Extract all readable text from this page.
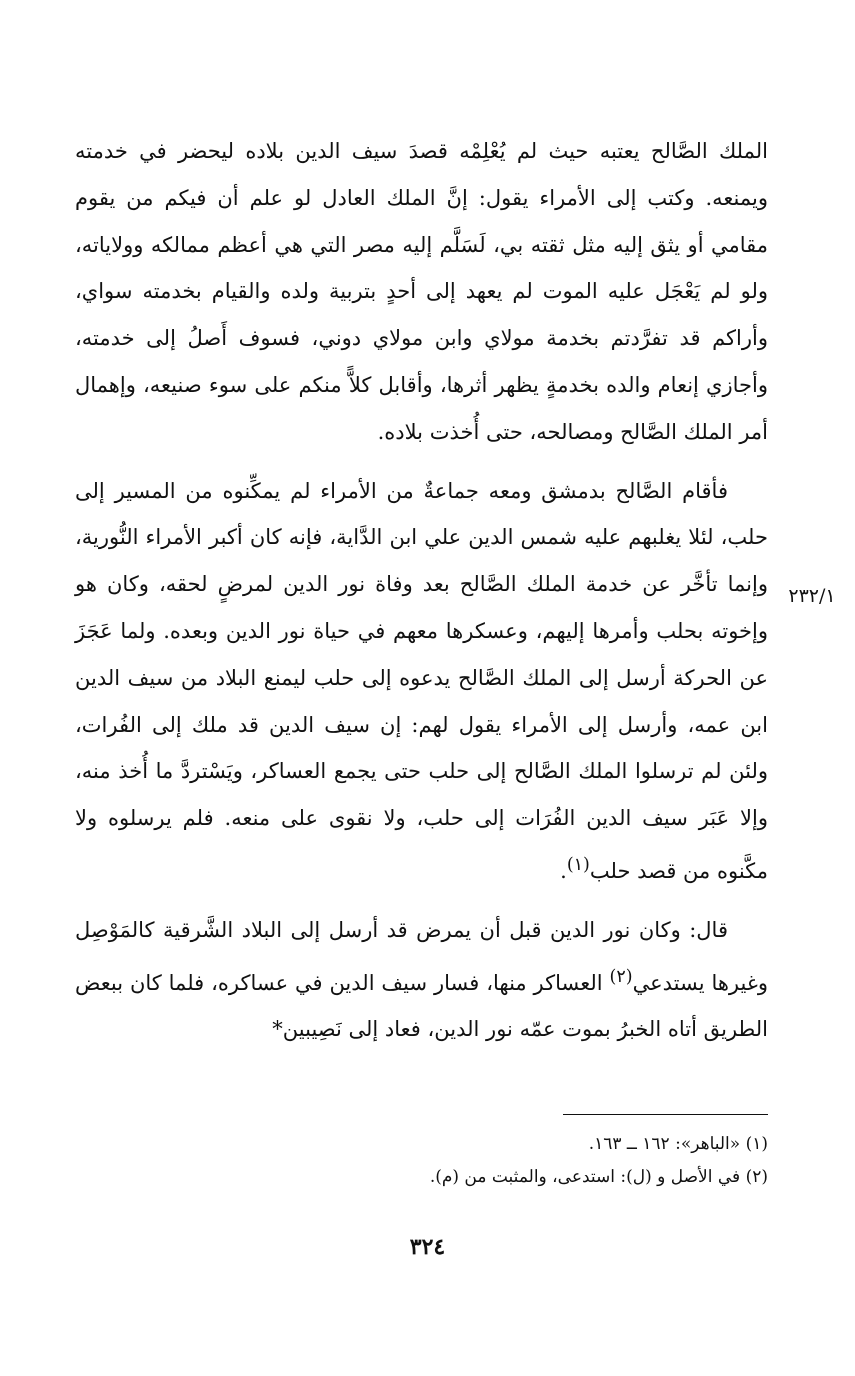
الملك الصَّالح يعتبه حيث لم يُعْلِمْه قصدَ سيف الدين بلاده ليحضر في خدمته ويمنعه. وكتب إلى الأمراء يقول: إنَّ الملك العادل لو علم أن فيكم من يقوم مقامي أو يثق إليه مثل ثقته بي، لَسَلَّم إليه مصر التي هي أعظم ممالكه وولاياته، ولو لم يَعْجَل عليه الموت لم يعهد إلى أحدٍ بتربية ولده والقيام بخدمته سواي، وأراكم قد تفرَّدتم بخدمة مولاي وابن مولاي دوني، فسوف أَصلُ إلى خدمته، وأجازي إنعام والده بخدمةٍ يظهر أثرها، وأقابل كلاًّ منكم على سوء صنيعه، وإهمال أمر الملك الصَّالح ومصالحه، حتى أُخذت بلاده.

فأقام الصَّالح بدمشق ومعه جماعةٌ من الأمراء لم يمكِّنوه من المسير إلى حلب، لئلا يغلبهم عليه شمس الدين علي ابن الدَّاية، فإنه كان أكبر الأمراء النُّورية، وإنما تأخَّر عن خدمة الملك الصَّالح بعد وفاة نور الدين لمرضٍ لحقه، وكان هو وإخوته بحلب وأمرها إليهم، وعسكرها معهم في حياة نور الدين وبعده. ولما عَجَزَ عن الحركة أرسل إلى الملك الصَّالح يدعوه إلى حلب ليمنع البلاد من سيف الدين ابن عمه، وأرسل إلى الأمراء يقول لهم: إن سيف الدين قد ملك إلى الفُرات، ولئن لم ترسلوا الملك الصَّالح إلى حلب حتى يجمع العساكر، ويَسْتردَّ ما أُخذ منه، وإلا عَبَر سيف الدين الفُرَات إلى حلب، ولا نقوى على منعه. فلم يرسلوه ولا مكَّنوه من قصد حلب$^{(١)}$.

قال: وكان نور الدين قبل أن يمرض قد أرسل إلى البلاد الشَّرقية كالمَوْصِل وغيرها يستدعي$^{(٢)}$ العساكر منها، فسار سيف الدين في عساكره، فلما كان ببعض الطريق أتاه الخبرُ بموت عمّه نور الدين، فعاد إلى نَصِيبين*

٢٣٢/١

(١) «الباهر»: ١٦٢ ــ ١٦٣.

(٢) في الأصل و (ل): استدعى، والمثبت من (م).

٣٢٤
